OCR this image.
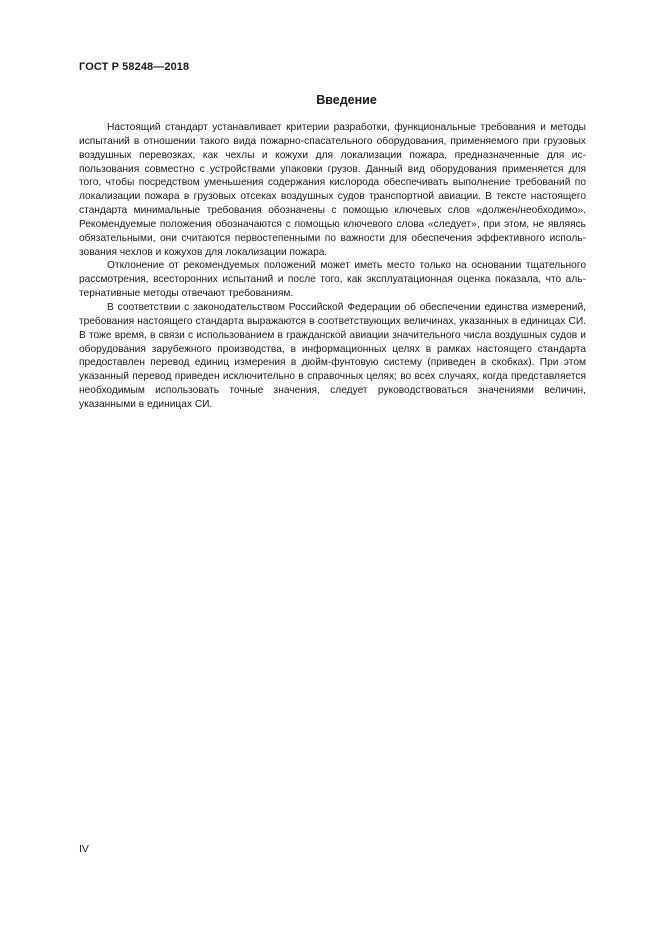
ГОСТ Р 58248—2018
Введение

Настоящий стандарт устанавливает критерии разработки, функциональные требования и методы испытаний в отношении такого вида пожарно-спасательного оборудования, применяемого при грузовых воздушных перевозках, как чехлы и кожухи для локализации пожара, предназначенные для использования совместно с устройствами упаковки грузов. Данный вид оборудования применяется для того, чтобы посредством уменьшения содержания кислорода обеспечивать выполнение требований по локализации пожара в грузовых отсеках воздушных судов транспортной авиации. В тексте настоящего стандарта минимальные требования обозначены с помощью ключевых слов «должен/необходимо». Рекомендуемые положения обозначаются с помощью ключевого слова «следует», при этом, не являясь обязательными, они считаются первостепенными по важности для обеспечения эффективного использования чехлов и кожухов для локализации пожара.

Отклонение от рекомендуемых положений может иметь место только на основании тщательного рассмотрения, всесторонних испытаний и после того, как эксплуатационная оценка показала, что альтернативные методы отвечают требованиям.

В соответствии с законодательством Российской Федерации об обеспечении единства измерений, требования настоящего стандарта выражаются в соответствующих величинах, указанных в единицах СИ. В тоже время, в связи с использованием в гражданской авиации значительного числа воздушных судов и оборудования зарубежного производства, в информационных целях в рамках настоящего стандарта предоставлен перевод единиц измерения в дюйм-фунтовую систему (приведен в скобках). При этом указанный перевод приведен исключительно в справочных целях; во всех случаях, когда представляется необходимым использовать точные значения, следует руководствоваться значениями величин, указанными в единицах СИ.

IV
